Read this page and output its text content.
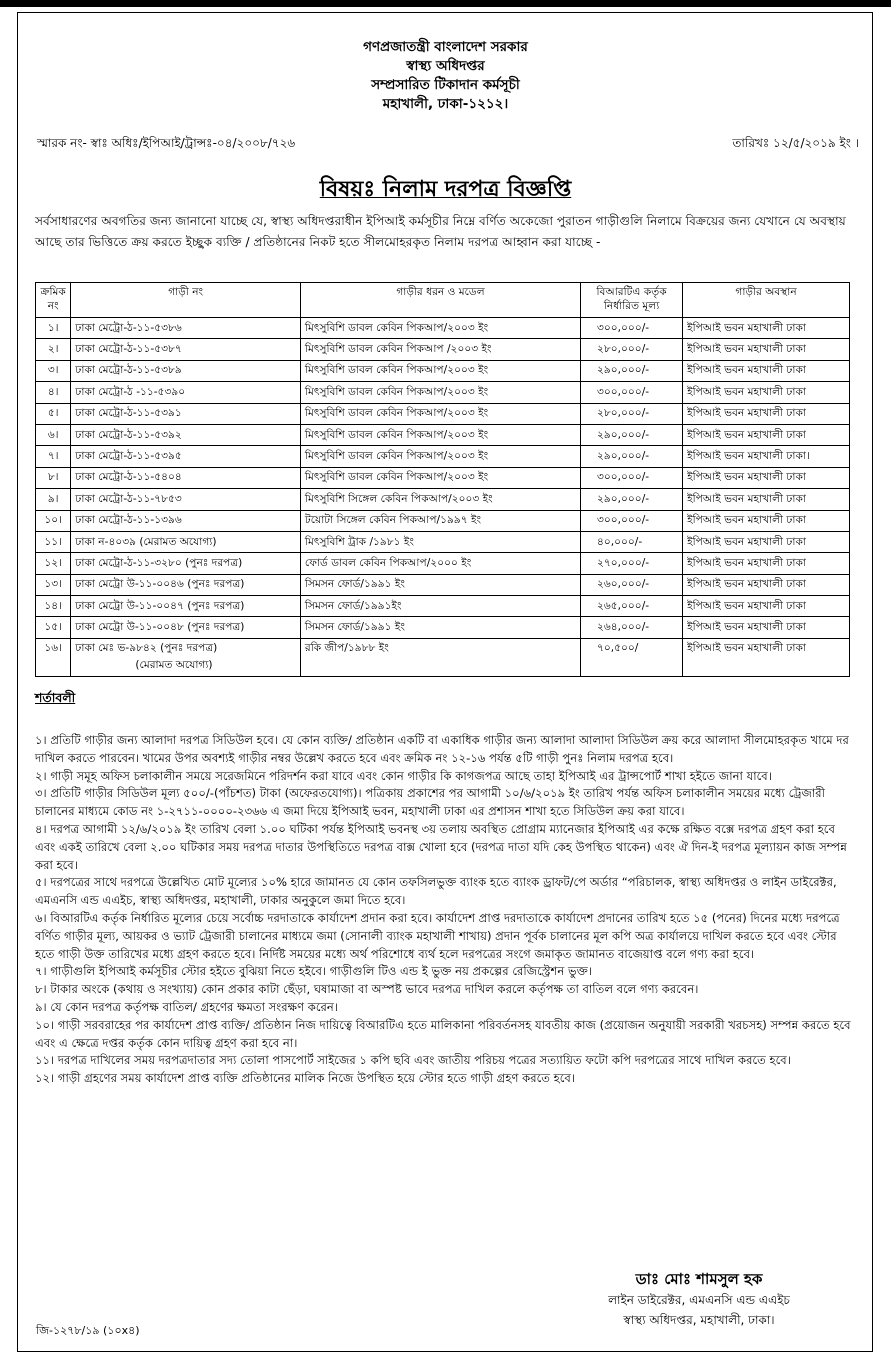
গণপ্রজাতন্ত্রী বাংলাদেশ সরকার
স্বাস্থ্য অধিদপ্তর
সম্প্রসারিত টিকাদান কর্মসূচী
মহাখালী, ঢাকা-১২১২।
স্মারক নং- স্বাঃ অধিঃ/ইপিআই/ট্রান্সঃ-০৪/২০০৮/৭২৬	তারিখঃ ১২/৫/২০১৯ ইং ।
বিষয়ঃ নিলাম দরপত্র বিজ্ঞপ্তি
সর্বসাধারণের অবগতির জন্য জানানো যাচ্ছে যে, স্বাস্থ্য অধিদপ্তরাধীন ইপিআই কর্মসূচীর নিম্নে বর্ণিত অকেজো পুরাতন গাড়ীগুলি নিলামে বিক্রয়ের জন্য যেখানে যে অবস্থায় আছে তার ভিত্তিতে ক্রয় করতে ইচ্ছুক ব্যক্তি / প্রতিষ্ঠানের নিকট হতে সীলমোহরকৃত নিলাম দরপত্র আহ্বান করা যাচ্ছে -
ক্রমিক নং	গাড়ী নং	গাড়ীর ধরন ও মডেল	বিআরটিএ কর্তৃক নির্ধারিত মূল্য	গাড়ীর অবস্থান
১।	ঢাকা মেট্রো-ঠ-১১-৫৩৮৬	মিৎসুবিশি ডাবল কেবিন পিকআপ/২০০৩ ইং	৩০০,০০০/-	ইপিআই ভবন মহাখালী ঢাকা
২।	ঢাকা মেট্রো-ঠ-১১-৫৩৮৭	মিৎসুবিশি ডাবল কেবিন পিকআপ /২০০৩ ইং	২৮০,০০০/-	ইপিআই ভবন মহাখালী ঢাকা
৩।	ঢাকা মেট্রো-ঠ-১১-৫৩৮৯	মিৎসুবিশি ডাবল কেবিন পিকআপ/২০০৩ ইং	২৯০,০০০/-	ইপিআই ভবন মহাখালী ঢাকা
৪।	ঢাকা মেট্রো-ঠ -১১-৫৩৯০	মিৎসুবিশি ডাবল কেবিন পিকআপ/২০০৩ ইং	৩০০,০০০/-	ইপিআই ভবন মহাখালী ঢাকা
৫।	ঢাকা মেট্রো-ঠ-১১-৫৩৯১	মিৎসুবিশি ডাবল কেবিন পিকআপ/২০০৩ ইং	২৮০,০০০/-	ইপিআই ভবন মহাখালী ঢাকা
৬।	ঢাকা মেট্রো-ঠ-১১-৫৩৯২	মিৎসুবিশি ডাবল কেবিন পিকআপ/২০০৩ ইং	২৯০,০০০/-	ইপিআই ভবন মহাখালী ঢাকা
৭।	ঢাকা মেট্রো-ঠ-১১-৫৩৯৫	মিৎসুবিশি ডাবল কেবিন পিকআপ/২০০৩ ইং	২৯০,০০০/-	ইপিআই ভবন মহাখালী ঢাকা।
৮।	ঢাকা মেট্রো-ঠ-১১-৫৪০৪	মিৎসুবিশি ডাবল কেবিন পিকআপ/২০০৩ ইং	৩০০,০০০/-	ইপিআই ভবন মহাখালী ঢাকা
৯।	ঢাকা মেট্রো-ঠ-১১-৭৮৫৩	মিৎসুবিশি সিঙ্গেল কেবিন পিকআপ/২০০৩ ইং	২৯০,০০০/-	ইপিআই ভবন মহাখালী ঢাকা
১০।	ঢাকা মেট্রো-ঠ-১১-১৩৯৬	টয়োটা সিঙ্গেল কেবিন পিকআপ/১৯৯৭ ইং	৩০০,০০০/-	ইপিআই ভবন মহাখালী ঢাকা
১১।	ঢাকা ন-৪০৩৯ (মেরামত অযোগ্য)	মিৎসুবিশি ট্রাক /১৯৮১ ইং	৪০,০০০/-	ইপিআই ভবন মহাখালী ঢাকা
১২।	ঢাকা মেট্রো-ঠ-১১-৩২৮০ (পুনঃ দরপত্র)	ফোর্ড ডাবল কেবিন পিকআপ/২০০০ ইং	২৭০,০০০/-	ইপিআই ভবন মহাখালী ঢাকা
১৩।	ঢাকা মেট্রো উ-১১-০০৪৬ (পুনঃ দরপত্র)	সিমসন ফোর্ড/১৯৯১ ইং	২৬০,০০০/-	ইপিআই ভবন মহাখালী ঢাকা
১৪।	ঢাকা মেট্রো উ-১১-০০৪৭ (পুনঃ দরপত্র)	সিমসন ফোর্ড/১৯৯১ইং	২৬৫,০০০/-	ইপিআই ভবন মহাখালী ঢাকা
১৫।	ঢাকা মেট্রো উ-১১-০০৪৮ (পুনঃ দরপত্র)	সিমসন ফোর্ড/১৯৯১ ইং	২৬৪,০০০/-	ইপিআই ভবন মহাখালী ঢাকা
১৬।	ঢাকা মেঃ ভ-৯৮৪২ (পুনঃ দরপত্র)
(মেরামত অযোগ্য)	রকি জীপ/১৯৮৮ ইং	৭০,৫০০/	ইপিআই ভবন মহাখালী ঢাকা
শর্তাবলী

১। প্রতিটি গাড়ীর জন্য আলাদা দরপত্র সিডিউল হবে। যে কোন ব্যক্তি/ প্রতিষ্ঠান একটি বা একাধিক গাড়ীর জন্য আলাদা আলাদা সিডিউল ক্রয় করে আলাদা সীলমোহরকৃত খামে দর দাখিল করতে পারবেন। খামের উপর অবশ্যই গাড়ীর নম্বর উল্লেখ করতে হবে এবং ক্রমিক নং ১২-১৬ পর্যন্ত ৫টি গাড়ী পুনঃ নিলাম দরপত্র হবে।

২। গাড়ী সমূহ অফিস চলাকালীন সময়ে সরেজমিনে পরিদর্শন করা যাবে এবং কোন গাড়ীর কি কাগজপত্র আছে তাহা ইপিআই এর ট্রান্সপোর্ট শাখা হইতে জানা যাবে।

৩। প্রতিটি গাড়ীর সিডিউল মূল্য ৫০০/-(পাঁচশত) টাকা (অফেরতযোগ্য)। পত্রিকায় প্রকাশের পর আগামী ১০/৬/২০১৯ ইং তারিখ পর্যন্ত অফিস চলাকালীন সময়ের মধ্যে ট্রেজারী চালানের মাধ্যমে কোড নং ১-২৭১১-০০০০-২৩৬৬ এ জমা দিয়ে ইপিআই ভবন, মহাখালী ঢাকা এর প্রশাসন শাখা হতে সিডিউল ক্রয় করা যাবে।

৪। দরপত্র আগামী ১২/৬/২০১৯ ইং তারিখ বেলা ১.০০ ঘটিকা পর্যন্ত ইপিআই ভবনস্থ ৩য় তলায় অবস্থিত প্রোগ্রাম ম্যানেজার ইপিআই এর কক্ষে রক্ষিত বক্সে দরপত্র গ্রহণ করা হবে এবং একই তারিখে বেলা ২.০০ ঘটিকার সময় দরপত্র দাতার উপস্থিতিতে দরপত্র বাক্স খোলা হবে (দরপত্র দাতা যদি কেহ উপস্থিত থাকেন) এবং ঐ দিন-ই দরপত্র মূল্যায়ন কাজ সম্পন্ন করা হবে।

৫। দরপত্রের সাথে দরপত্রে উল্লেখিত মোট মূল্যের ১০% হারে জামানত যে কোন তফসিলভুক্ত ব্যাংক হতে ব্যাংক ড্রাফট/পে অর্ডার “পরিচালক, স্বাস্থ্য অধিদপ্তর ও লাইন ডাইরেক্টর, এমএনসি এন্ড এএইচ, স্বাস্থ্য অধিদপ্তর, মহাখালী, ঢাকার অনুকুলে জমা দিতে হবে।

৬। বিআরটিএ কর্তৃক নির্ধারিত মূল্যের চেয়ে সর্বোচ্চ দরদাতাকে কার্যাদেশ প্রদান করা হবে। কার্যাদেশ প্রাপ্ত দরদাতাকে কার্যাদেশ প্রদানের তারিখ হতে ১৫ (পনের) দিনের মধ্যে দরপত্রে বর্ণিত গাড়ীর মূল্য, আয়কর ও ভ্যাট ট্রেজারী চালানের মাধ্যমে জমা (সোনালী ব্যাংক মহাখালী শাখায়) প্রদান পূর্বক চালানের মূল কপি অত্র কার্যালয়ে দাখিল করতে হবে এবং স্টোর হতে গাড়ী উক্ত তারিখের মধ্যে গ্রহণ করতে হবে। নির্দিষ্ট সময়ের মধ্যে অর্থ পরিশোধে ব্যর্থ হলে দরপত্রের সংগে জমাকৃত জামানত বাজেয়াপ্ত বলে গণ্য করা হবে।

৭। গাড়ীগুলি ইপিআই কর্মসূচীর স্টোর হইতে বুঝিয়া নিতে হইবে। গাড়ীগুলি টিও এন্ড ই ভুক্ত নয় প্রকল্পের রেজিস্ট্রেশন ভুক্ত।

৮। টাকার অংকে (কথায় ও সংখ্যায়) কোন প্রকার কাটা ছেঁড়া, ঘষামাজা বা অস্পষ্ট ভাবে দরপত্র দাখিল করলে কর্তৃপক্ষ তা বাতিল বলে গণ্য করবেন।

৯। যে কোন দরপত্র কর্তৃপক্ষ বাতিল/ গ্রহণের ক্ষমতা সংরক্ষণ করেন।

১০। গাড়ী সরবরাহের পর কার্যাদেশ প্রাপ্ত ব্যক্তি/ প্রতিষ্ঠান নিজ দায়িত্বে বিআরটিএ হতে মালিকানা পরিবর্তনসহ যাবতীয় কাজ (প্রয়োজন অনুযায়ী সরকারী খরচসহ) সম্পন্ন করতে হবে এবং এ ক্ষেত্রে দপ্তর কর্তৃক কোন দায়িত্ব গ্রহণ করা হবে না।

১১। দরপত্র দাখিলের সময় দরপত্রদাতার সদ্য তোলা পাসপোর্ট সাইজের ১ কপি ছবি এবং জাতীয় পরিচয় পত্রের সত্যায়িত ফটো কপি দরপত্রের সাথে দাখিল করতে হবে।

১২। গাড়ী গ্রহণের সময় কার্যাদেশ প্রাপ্ত ব্যক্তি প্রতিষ্ঠানের মালিক নিজে উপস্থিত হয়ে স্টোর হতে গাড়ী গ্রহণ করতে হবে।

ডাঃ মোঃ শামসুল হক
লাইন ডাইরেক্টর, এমএনসি এন্ড এএইচ
স্বাস্থ্য অধিদপ্তর, মহাখালী, ঢাকা।
জি-১২৭৮/১৯ (১০x৪)
